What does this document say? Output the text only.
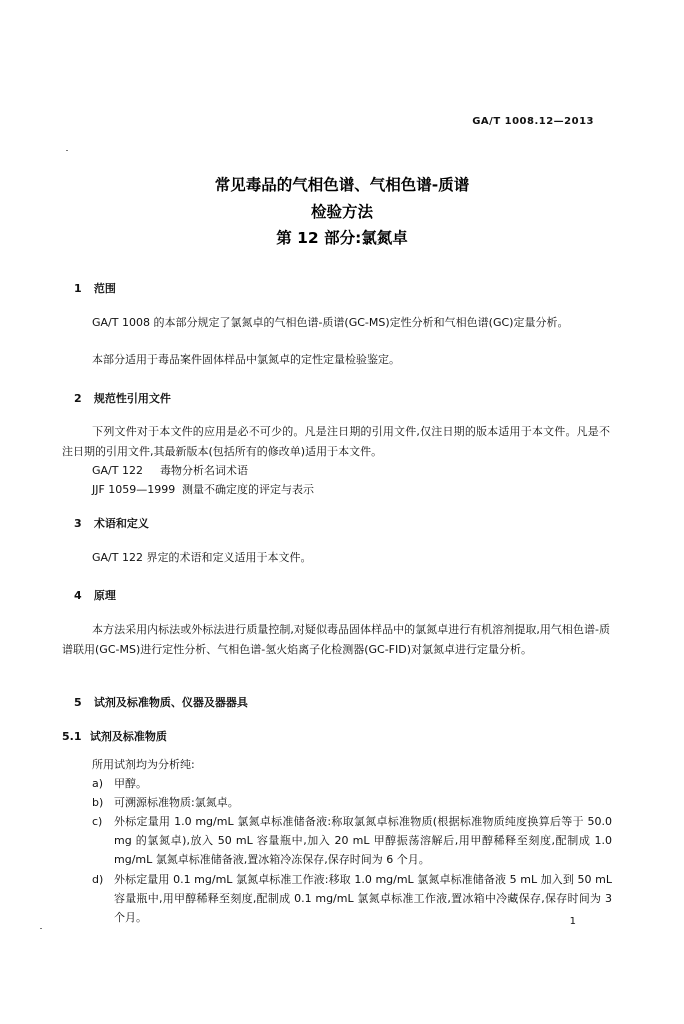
GA/T 1008.12—2013
常见毒品的气相色谱、气相色谱-质谱
检验方法
第 12 部分:氯氮卓
1 范围
GA/T 1008 的本部分规定了氯氮卓的气相色谱-质谱(GC-MS)定性分析和气相色谱(GC)定量分析。
本部分适用于毒品案件固体样品中氯氮卓的定性定量检验鉴定。
2 规范性引用文件
下列文件对于本文件的应用是必不可少的。凡是注日期的引用文件,仅注日期的版本适用于本文件。凡是不注日期的引用文件,其最新版本(包括所有的修改单)适用于本文件。
GA/T 122 毒物分析名词术语
JJF 1059—1999 测量不确定度的评定与表示
3 术语和定义
GA/T 122 界定的术语和定义适用于本文件。
4 原理
本方法采用内标法或外标法进行质量控制,对疑似毒品固体样品中的氯氮卓进行有机溶剂提取,用气相色谱-质谱联用(GC-MS)进行定性分析、气相色谱-氢火焰离子化检测器(GC-FID)对氯氮卓进行定量分析。
5 试剂及标准物质、仪器及器器具
5.1 试剂及标准物质
所用试剂均为分析纯:
a) 甲醇。
b) 可溯源标准物质:氯氮卓。
c)	外标定量用 1.0 mg/mL 氯氮卓标准储备液:称取氯氮卓标准物质(根据标准物质纯度换算后等于 50.0 mg 的氯氮卓),放入 50 mL 容量瓶中,加入 20 mL 甲醇振荡溶解后,用甲醇稀释至刻度,配制成 1.0 mg/mL 氯氮卓标准储备液,置冰箱冷冻保存,保存时间为 6 个月。
d) 外标定量用 0.1 mg/mL 氯氮卓标准工作液:移取 1.0 mg/mL 氯氮卓标准储备液 5 mL 加入到 50 mL 容量瓶中,用甲醇稀释至刻度,配制成 0.1 mg/mL 氯氮卓标准工作液,置冰箱中冷藏保存,保存时间为 3 个月。	1
